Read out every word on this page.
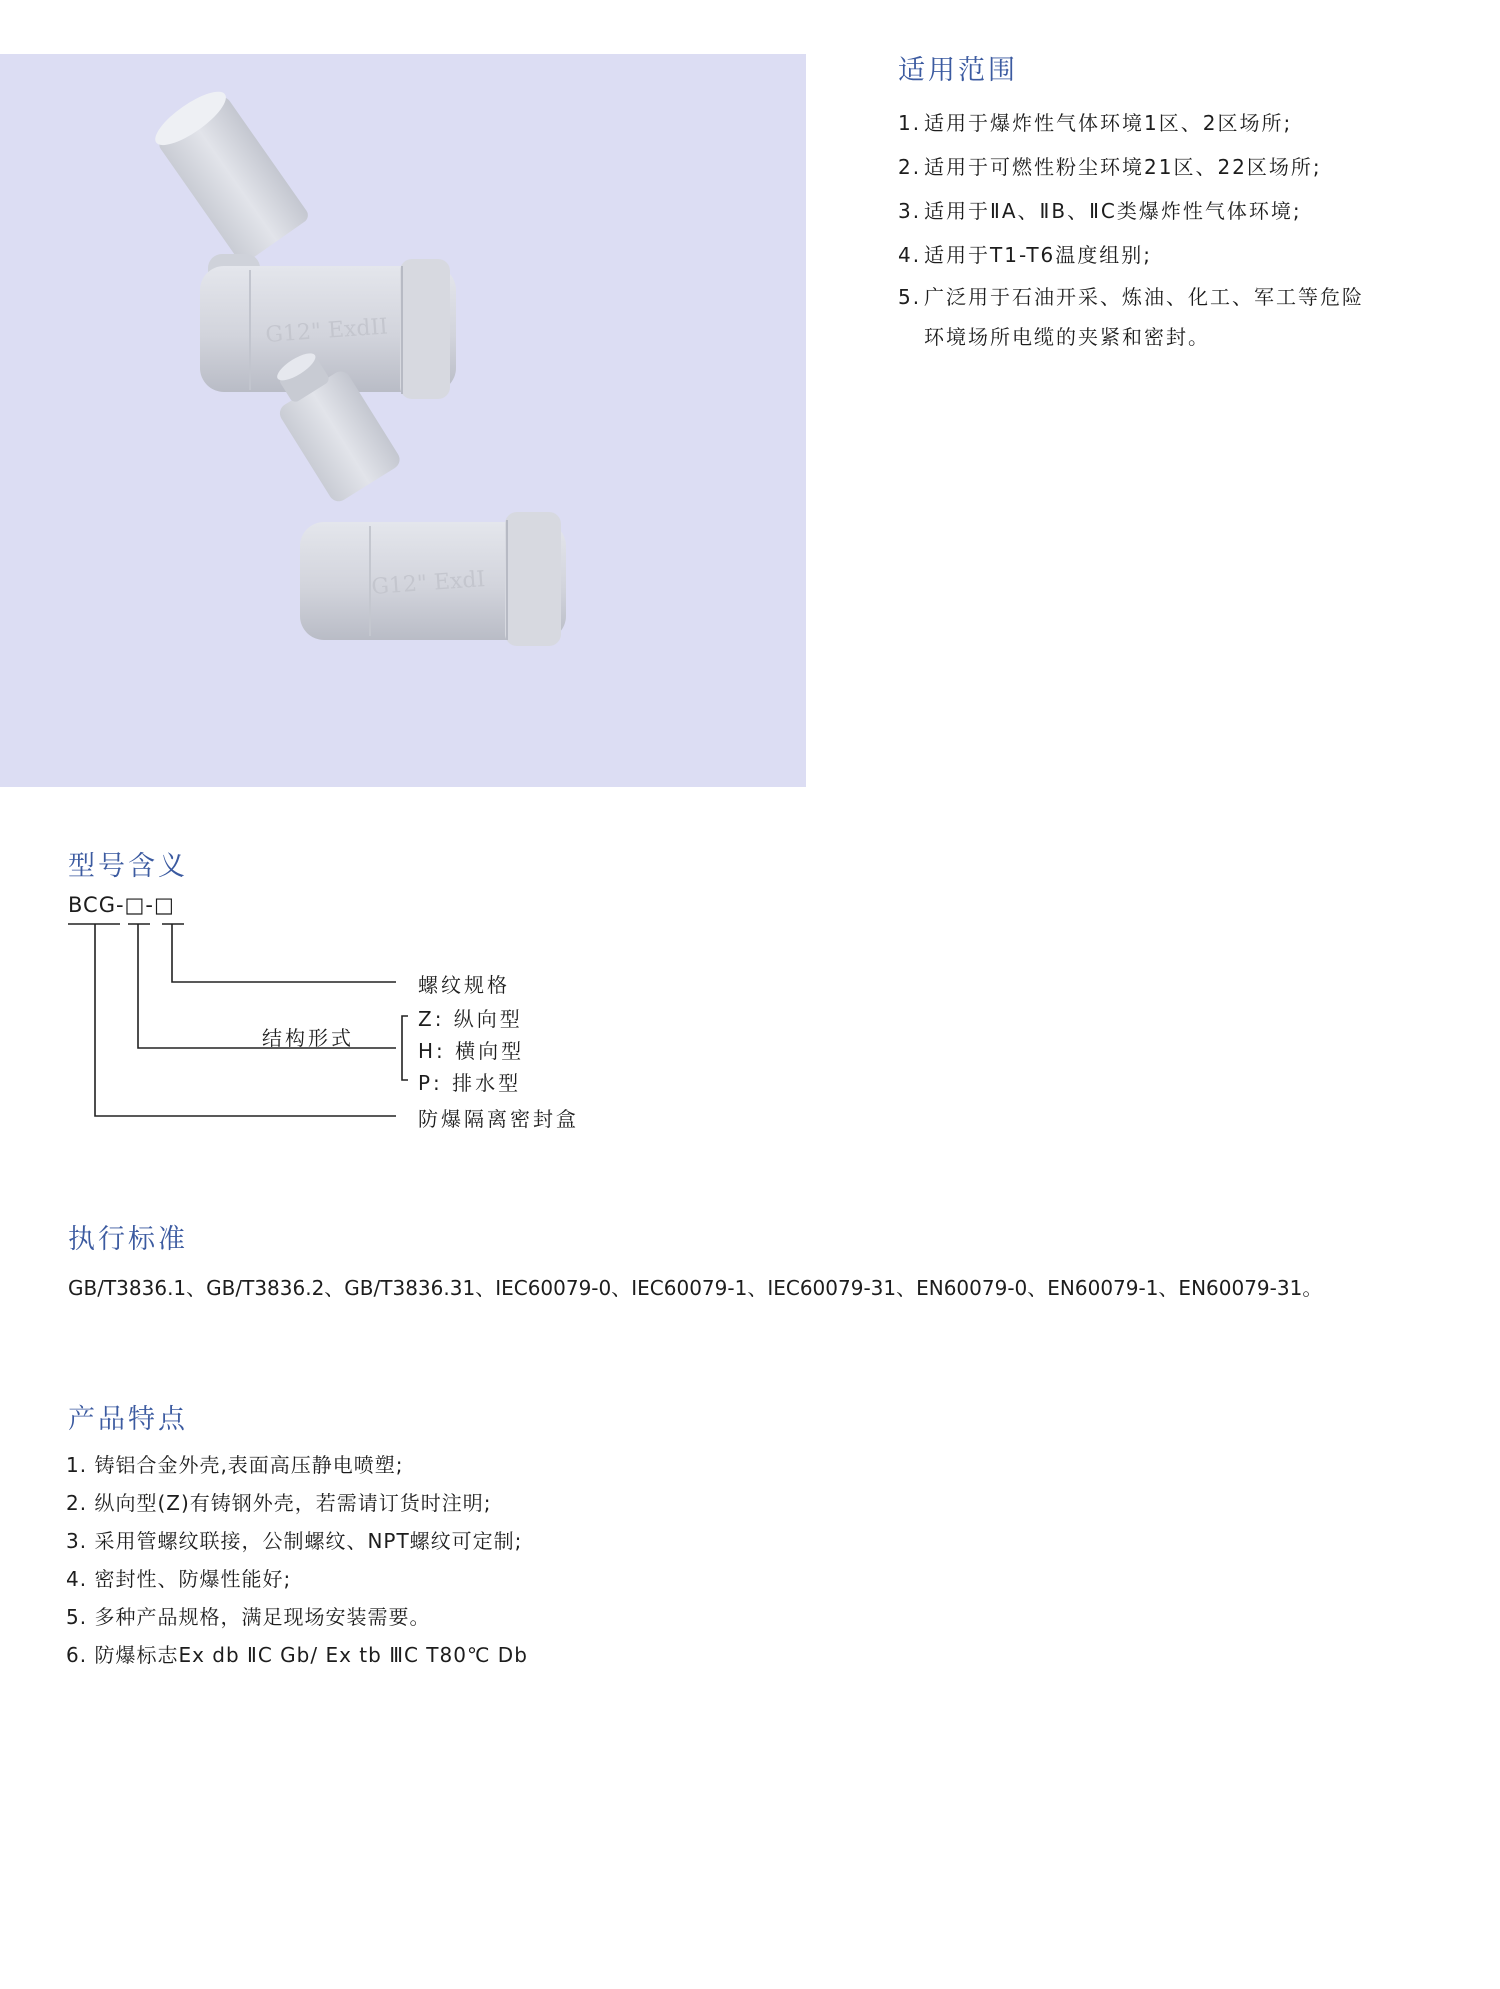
G12" ExdII
G12" ExdI
适用范围
1. 适用于爆炸性气体环境1区、2区场所;
2. 适用于可燃性粉尘环境21区、22区场所;
3. 适用于ⅡA、ⅡB、ⅡC类爆炸性气体环境;
4. 适用于T1-T6温度组别;
5. 广泛用于石油开采、炼油、化工、军工等危险
环境场所电缆的夹紧和密封。
型号含义
BCG-□-□
螺纹规格
结构形式
Z: 纵向型
H: 横向型
P: 排水型
防爆隔离密封盒
执行标准

GB/T3836.1、GB/T3836.2、GB/T3836.31、IEC60079-0、IEC60079-1、IEC60079-31、EN60079-0、EN60079-1、EN60079-31。

产品特点
1. 铸铝合金外壳,表面高压静电喷塑;
2. 纵向型(Z)有铸钢外壳，若需请订货时注明;
3. 采用管螺纹联接，公制螺纹、NPT螺纹可定制;
4. 密封性、防爆性能好;
5. 多种产品规格，满足现场安装需要。
6. 防爆标志Ex db ⅡC Gb/ Ex tb ⅢC T80℃ Db
